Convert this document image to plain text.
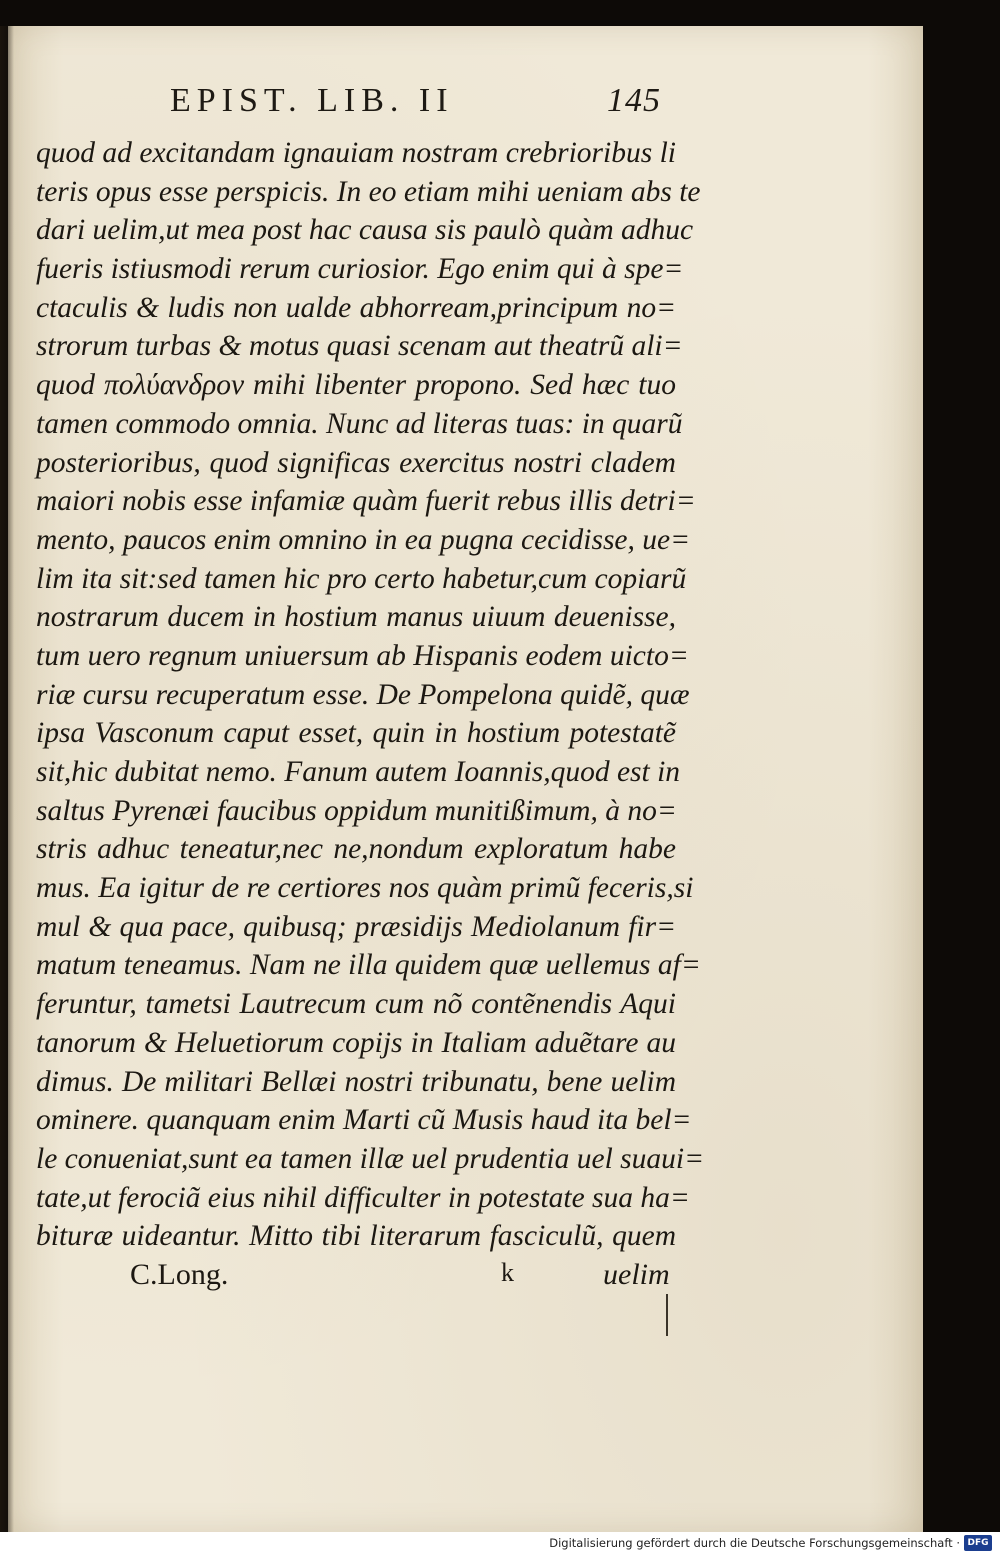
EPIST. LIB. II	145
quod ad excitandam ignauiam nostram crebrioribus li
teris opus esse perspicis. In eo etiam mihi ueniam abs te
dari uelim,ut mea post hac causa sis paulò quàm adhuc
fueris istiusmodi rerum curiosior. Ego enim qui à spe=
ctaculis & ludis non ualde abhorream,principum no=
strorum turbas & motus quasi scenam aut theatrũ ali=
quod πολύανδρον mihi libenter propono. Sed hæc tuo
tamen commodo omnia. Nunc ad literas tuas: in quarũ
posterioribus, quod significas exercitus nostri cladem
maiori nobis esse infamiæ quàm fuerit rebus illis detri=
mento, paucos enim omnino in ea pugna cecidisse, ue=
lim ita sit:sed tamen hic pro certo habetur,cum copiarũ
nostrarum ducem in hostium manus uiuum deuenisse,
tum uero regnum uniuersum ab Hispanis eodem uicto=
riæ cursu recuperatum esse. De Pompelona quidẽ, quæ
ipsa Vasconum caput esset, quin in hostium potestatẽ
sit,hic dubitat nemo. Fanum autem Ioannis,quod est in
saltus Pyrenæi faucibus oppidum munitißimum, à no=
stris adhuc teneatur,nec ne,nondum exploratum habe
mus. Ea igitur de re certiores nos quàm primũ feceris,si
mul & qua pace, quibusq; præsidijs Mediolanum fir=
matum teneamus. Nam ne illa quidem quæ uellemus af=
feruntur, tametsi Lautrecum cum nõ contẽnendis Aqui
tanorum & Heluetiorum copijs in Italiam aduẽtare au
dimus. De militari Bellæi nostri tribunatu, bene uelim
ominere. quanquam enim Marti cũ Musis haud ita bel=
le conueniat,sunt ea tamen illæ uel prudentia uel suaui=
tate,ut ferociã eius nihil difficulter in potestate sua ha=
bituræ uideantur. Mitto tibi literarum fasciculũ, quem
C.Long.	k	uelim
Digitalisierung gefördert durch die Deutsche Forschungsgemeinschaft · DFG
